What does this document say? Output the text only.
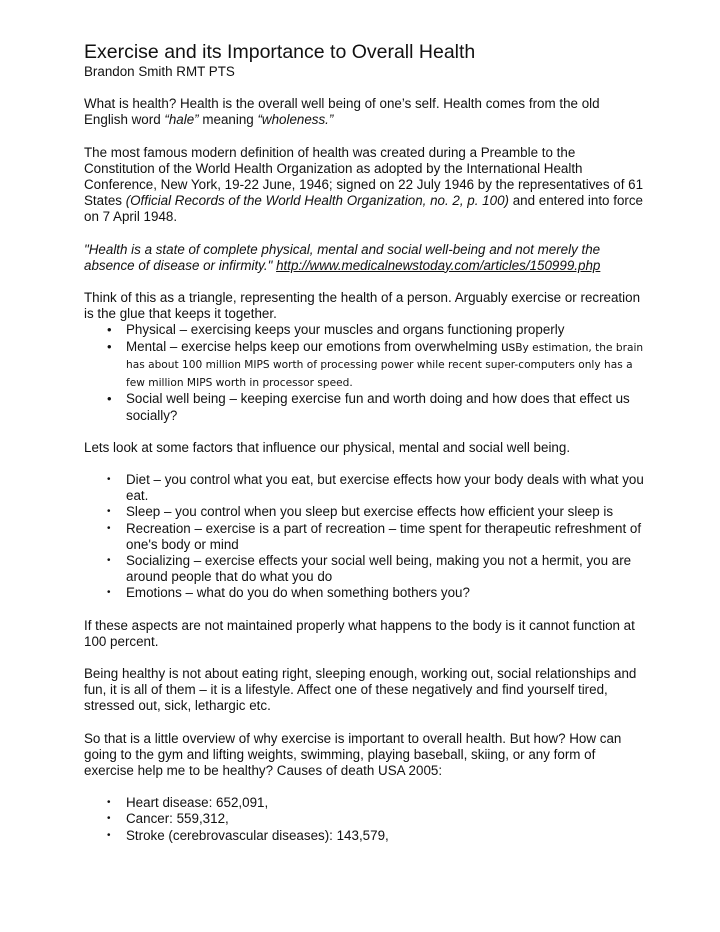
Exercise and its Importance to Overall Health

Brandon Smith RMT PTS

What is health? Health is the overall well being of one’s self. Health comes from the old English word “hale” meaning “wholeness.”

The most famous modern definition of health was created during a Preamble to the Constitution of the World Health Organization as adopted by the International Health Conference, New York, 19-22 June, 1946; signed on 22 July 1946 by the representatives of 61 States (Official Records of the World Health Organization, no. 2, p. 100) and entered into force on 7 April 1948.

"Health is a state of complete physical, mental and social well-being and not merely the absence of disease or infirmity." http://www.medicalnewstoday.com/articles/150999.php

Think of this as a triangle, representing the health of a person. Arguably exercise or recreation is the glue that keeps it together.

• Physical – exercising keeps your muscles and organs functioning properly
• Mental – exercise helps keep our emotions from overwhelming usBy estimation, the brain has about 100 million MIPS worth of processing power while recent super-computers only has a few million MIPS worth in processor speed.
• Social well being – keeping exercise fun and worth doing and how does that effect us socially?

Lets look at some factors that influence our physical, mental and social well being.

• Diet – you control what you eat, but exercise effects how your body deals with what you eat.
• Sleep – you control when you sleep but exercise effects how efficient your sleep is
• Recreation – exercise is a part of recreation – time spent for therapeutic refreshment of one's body or mind
• Socializing – exercise effects your social well being, making you not a hermit, you are around people that do what you do
• Emotions – what do you do when something bothers you?

If these aspects are not maintained properly what happens to the body is it cannot function at 100 percent.

Being healthy is not about eating right, sleeping enough, working out, social relationships and fun, it is all of them – it is a lifestyle. Affect one of these negatively and find yourself tired, stressed out, sick, lethargic etc.

So that is a little overview of why exercise is important to overall health. But how? How can going to the gym and lifting weights, swimming, playing baseball, skiing, or any form of exercise help me to be healthy? Causes of death USA 2005:

• Heart disease: 652,091,
• Cancer: 559,312,
• Stroke (cerebrovascular diseases): 143,579,
